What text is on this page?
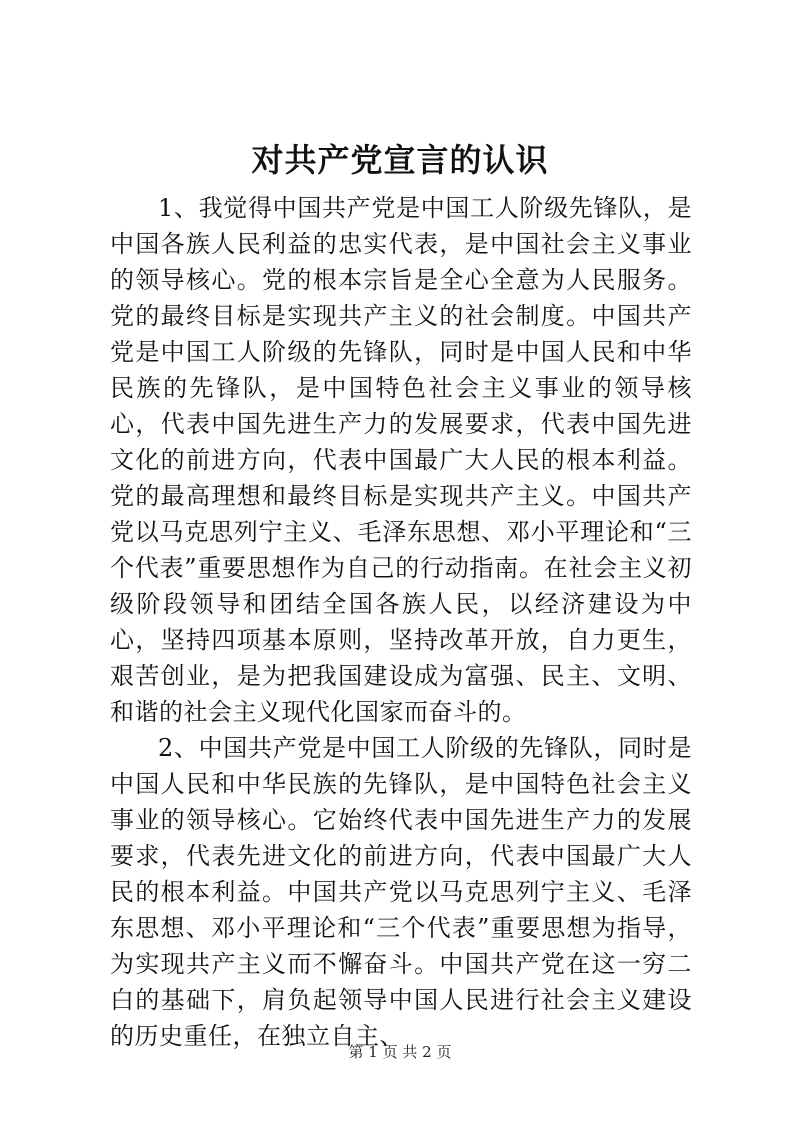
对共产党宣言的认识

1、我觉得中国共产党是中国工人阶级先锋队，是中国各族人民利益的忠实代表，是中国社会主义事业的领导核心。党的根本宗旨是全心全意为人民服务。党的最终目标是实现共产主义的社会制度。中国共产党是中国工人阶级的先锋队，同时是中国人民和中华民族的先锋队，是中国特色社会主义事业的领导核心，代表中国先进生产力的发展要求，代表中国先进文化的前进方向，代表中国最广大人民的根本利益。党的最高理想和最终目标是实现共产主义。中国共产党以马克思列宁主义、毛泽东思想、邓小平理论和“三个代表”重要思想作为自己的行动指南。在社会主义初级阶段领导和团结全国各族人民，以经济建设为中心，坚持四项基本原则，坚持改革开放，自力更生，艰苦创业，是为把我国建设成为富强、民主、文明、和谐的社会主义现代化国家而奋斗的。

2、中国共产党是中国工人阶级的先锋队，同时是中国人民和中华民族的先锋队，是中国特色社会主义事业的领导核心。它始终代表中国先进生产力的发展要求，代表先进文化的前进方向，代表中国最广大人民的根本利益。中国共产党以马克思列宁主义、毛泽东思想、邓小平理论和“三个代表”重要思想为指导，为实现共产主义而不懈奋斗。中国共产党在这一穷二白的基础下，肩负起领导中国人民进行社会主义建设的历史重任，在独立自主、

第 1 页 共 2 页
